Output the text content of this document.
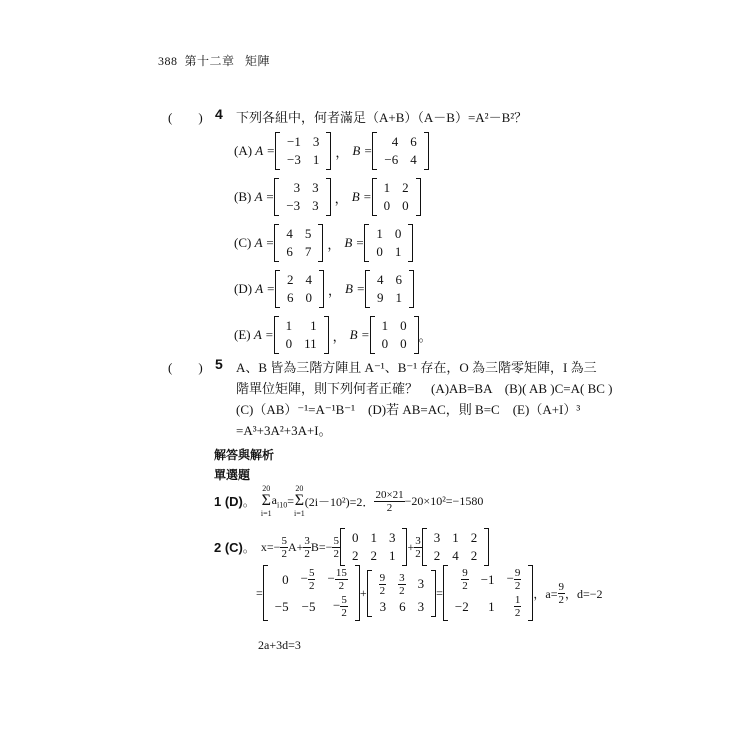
388 第十二章 矩陣
(　　) 4 下列各組中，何者滿足（A+B）（A－B）=A²－B²？
(A)
A =
−1	3
−3	1 ， B =
4	6
−6	4
(B)
A =
3	3
−3	3 ， B =
1	2
0	0
(C)
A =
4	5
6	7 ， B =
1	0
0	1
(D)
A =
2	4
6	0 ， B =
4	6
9	1
(E)
A =
1	1
0	11 ， B =
1	0
0	0 。
(　　) 5 A、B 皆為三階方陣且 A⁻¹、B⁻¹ 存在，O 為三階零矩陣，I 為三
階單位矩陣，則下列何者正確？　(A)AB=BA　(B)( AB )C=A( BC )
(C)（AB）⁻¹=A⁻¹B⁻¹　(D)若 AB=AC，則 B=C　(E)（A+I）³
=A³+3A²+3A+I。
解答與解析
單選題
1 (D) 。

20
Σ
i=1
$a_{i10}$ =
20
Σ
i=1
(2i－10²) =2． $\frac{20\times 21}{2} -20\times 10^2=-1580$
2 (C) 。
$x=- \frac{5}{2} A+ \frac{3}{2} B=- \frac{5}{2} 0$	1	3
2	2	1
+ $\frac{3}{2} 3$	1	2
2	4	2
=
0	− $\frac{5}{2}$	− $\frac{15}{2}$

−5	−5	− $\frac{5}{2}$
+ $\frac{9}{2}$	$\frac{3}{2}$	3
3	6	3
=
$\frac{9}{2}$	−1	− $\frac{9}{2}$

−2	1	$\frac{1}{2}$
，$a= \frac{9}{2}$ ，d=−2
2a+3d=3
